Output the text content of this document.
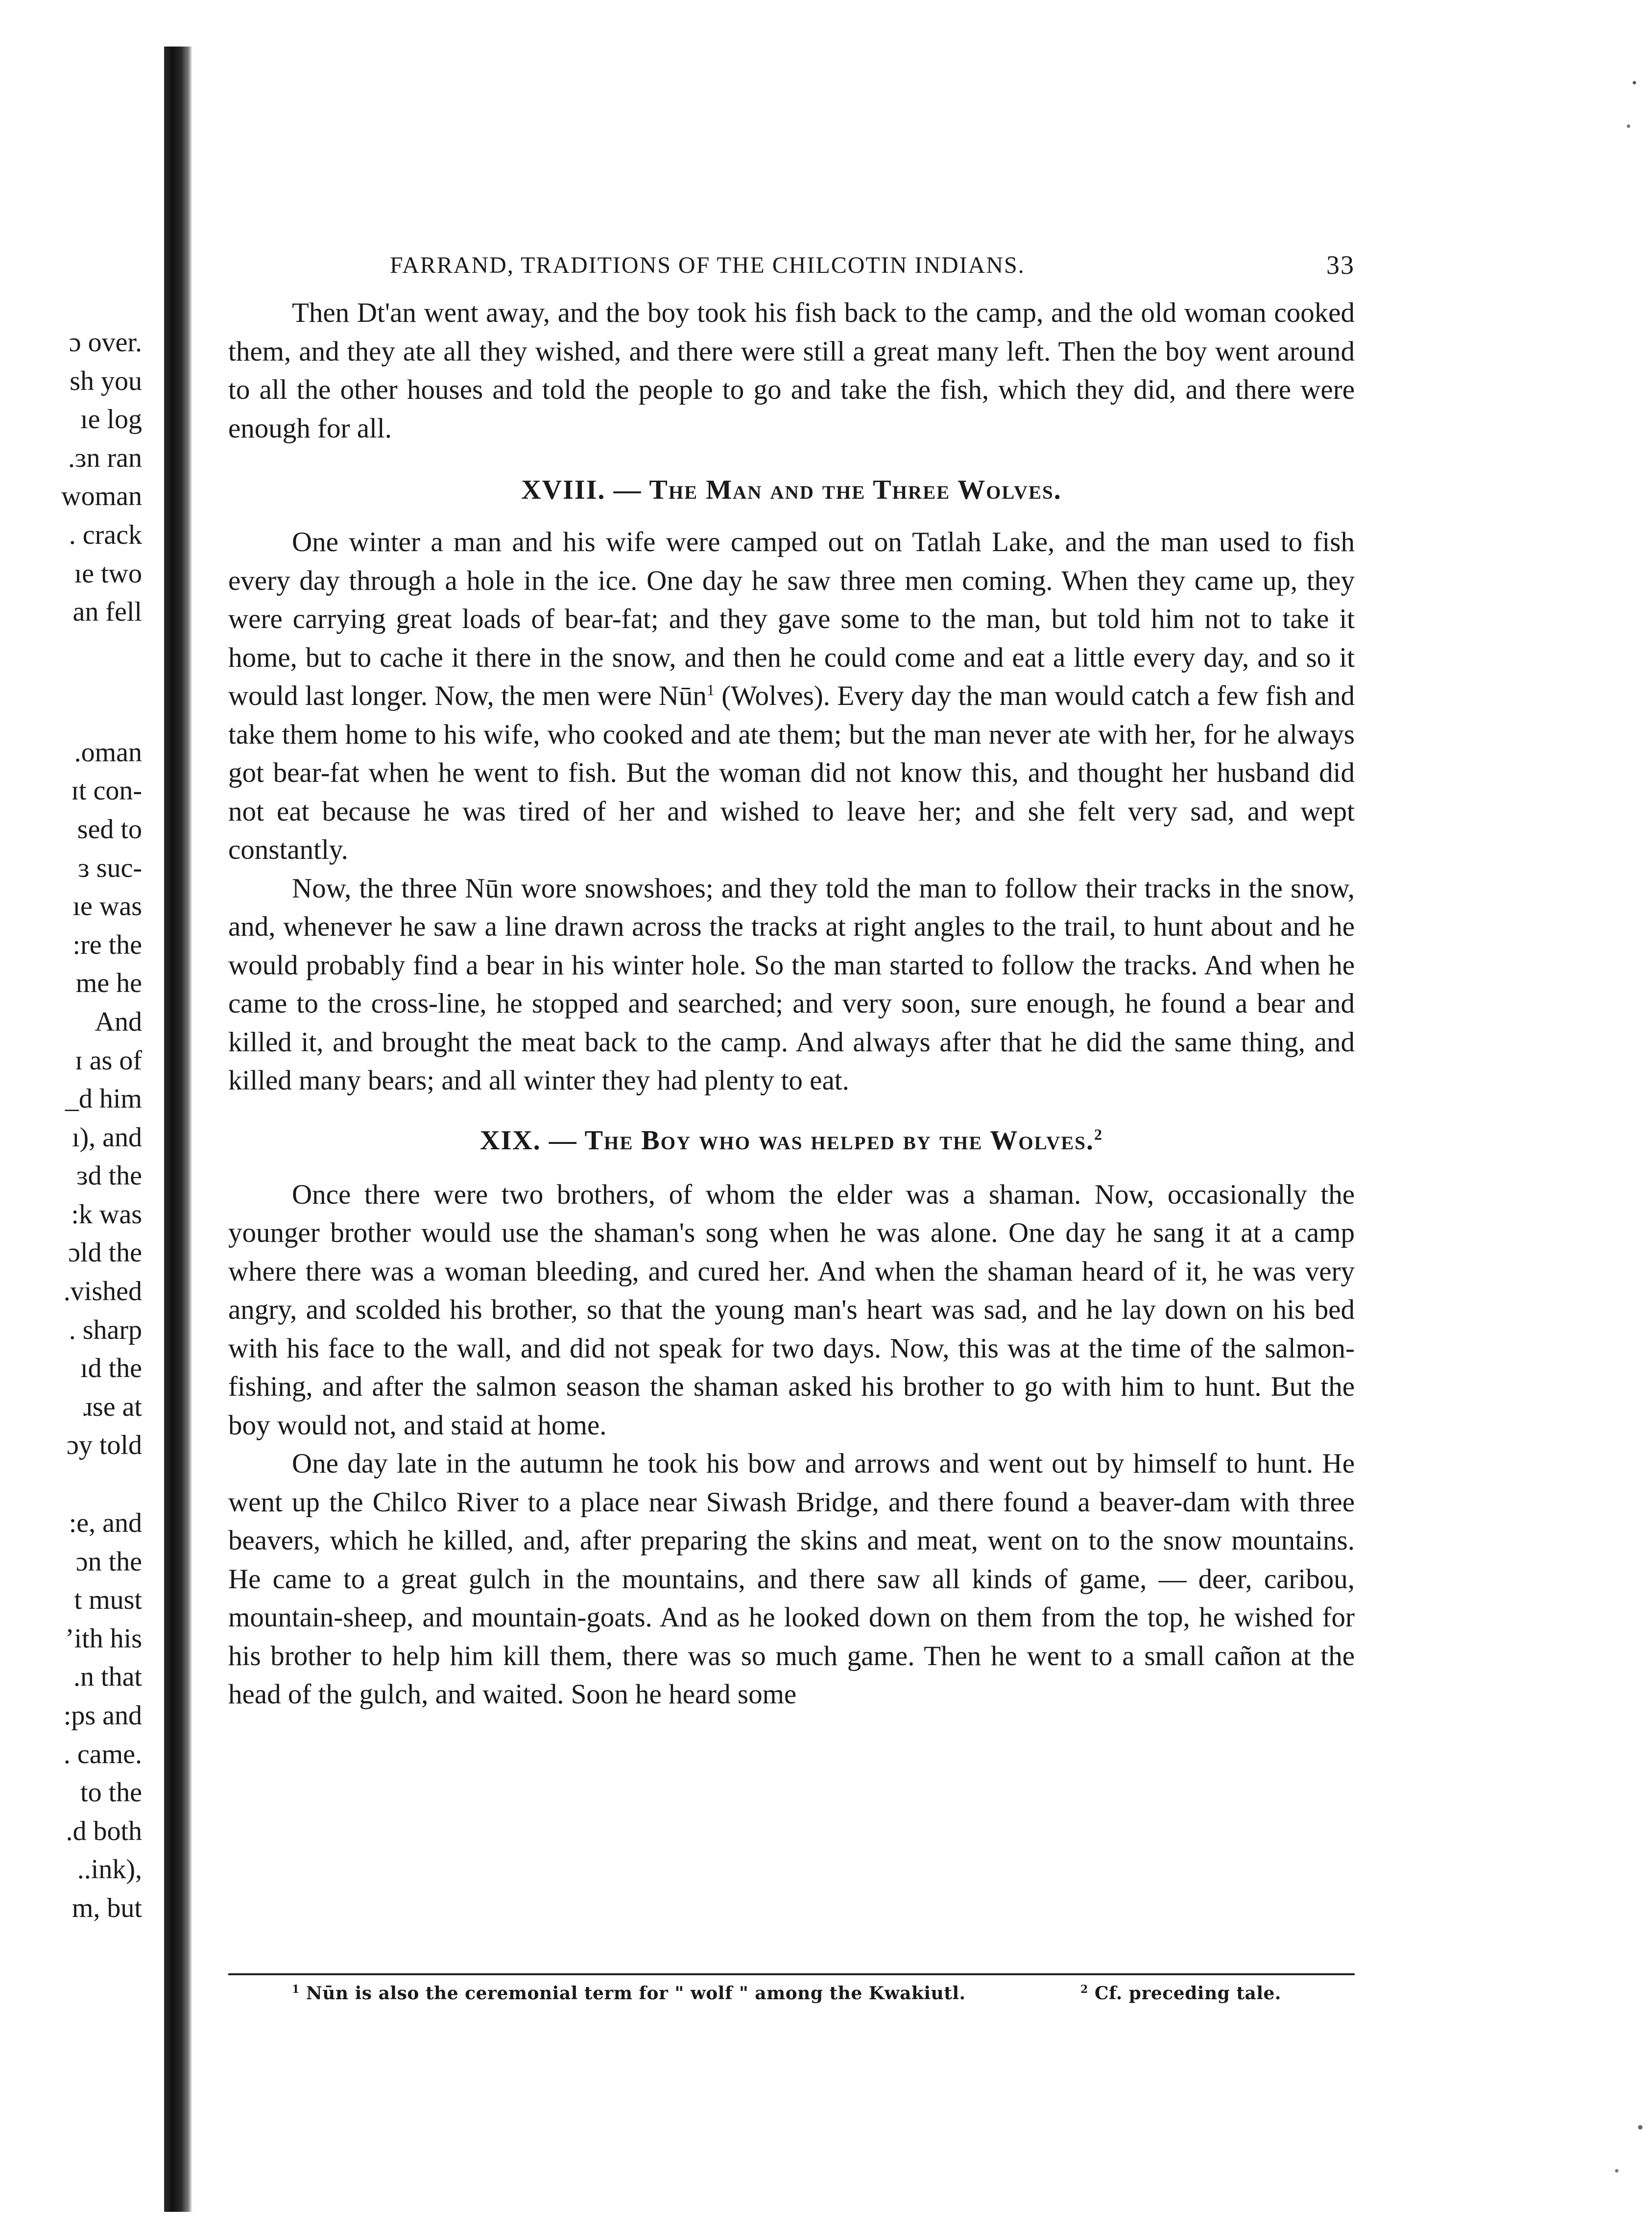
ɔ over.
sh you
ıe log
.ɜn ran
woman
. crack
ıe two
an fell
.oman
ɪt con-
sed to
ɜ suc-
ıe was
:re the
me he
And
ɪ as of
_d him
ı), and
ɜd the
:k was
ɔld the
.vished
. sharp
ıd the
ɹse at
ɔy told
:e, and
ɔn the
t must
ʼith his
.n that
:ps and
. came.
to the
.d both
..ink),
m, but
FARRAND, TRADITIONS OF THE CHILCOTIN INDIANS.	33

Then Dt'an went away, and the boy took his fish back to the camp, and the old woman cooked them, and they ate all they wished, and there were still a great many left. Then the boy went around to all the other houses and told the people to go and take the fish, which they did, and there were enough for all.

XVIII. — The Man and the Three Wolves.

One winter a man and his wife were camped out on Tatlah Lake, and the man used to fish every day through a hole in the ice. One day he saw three men coming. When they came up, they were carrying great loads of bear-fat; and they gave some to the man, but told him not to take it home, but to cache it there in the snow, and then he could come and eat a little every day, and so it would last longer. Now, the men were Nūn$^1$ (Wolves). Every day the man would catch a few fish and take them home to his wife, who cooked and ate them; but the man never ate with her, for he always got bear-fat when he went to fish. But the woman did not know this, and thought her husband did not eat because he was tired of her and wished to leave her; and she felt very sad, and wept constantly.

Now, the three Nūn wore snowshoes; and they told the man to follow their tracks in the snow, and, whenever he saw a line drawn across the tracks at right angles to the trail, to hunt about and he would probably find a bear in his winter hole. So the man started to follow the tracks. And when he came to the cross-line, he stopped and searched; and very soon, sure enough, he found a bear and killed it, and brought the meat back to the camp. And always after that he did the same thing, and killed many bears; and all winter they had plenty to eat.

XIX. — The Boy who was helped by the Wolves.$^2$

Once there were two brothers, of whom the elder was a shaman. Now, occasionally the younger brother would use the shaman's song when he was alone. One day he sang it at a camp where there was a woman bleeding, and cured her. And when the shaman heard of it, he was very angry, and scolded his brother, so that the young man's heart was sad, and he lay down on his bed with his face to the wall, and did not speak for two days. Now, this was at the time of the salmon-fishing, and after the salmon season the shaman asked his brother to go with him to hunt. But the boy would not, and staid at home.

One day late in the autumn he took his bow and arrows and went out by himself to hunt. He went up the Chilco River to a place near Siwash Bridge, and there found a beaver-dam with three beavers, which he killed, and, after preparing the skins and meat, went on to the snow mountains. He came to a great gulch in the mountains, and there saw all kinds of game, — deer, caribou, mountain-sheep, and mountain-goats. And as he looked down on them from the top, he wished for his brother to help him kill them, there was so much game. Then he went to a small cañon at the head of the gulch, and waited. Soon he heard some

$^1$ Nūn is also the ceremonial term for " wolf " among the Kwakiutl.	$^2$ Cf. preceding tale.
